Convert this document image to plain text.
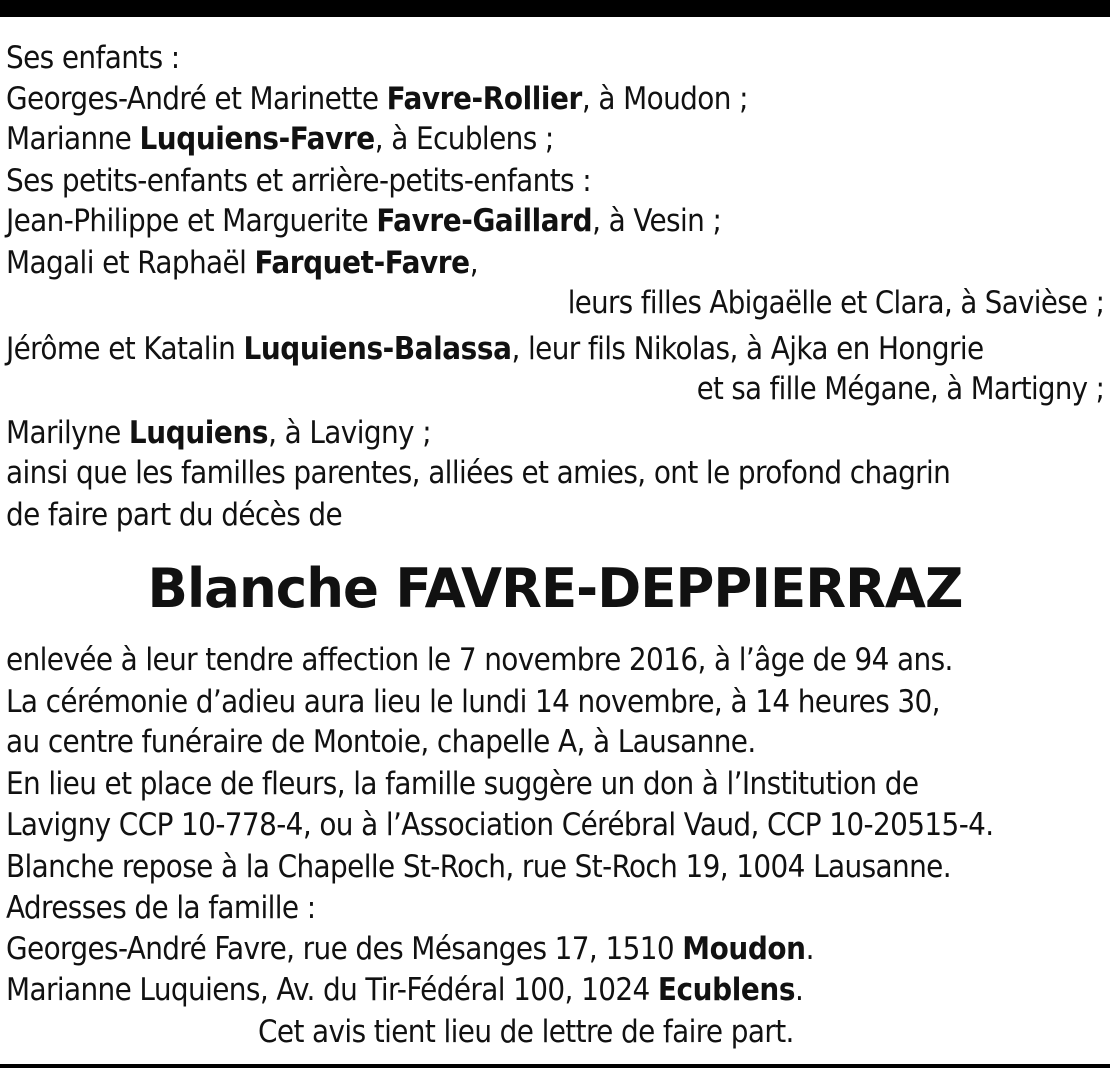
Ses enfants :
Georges-André et Marinette Favre-Rollier, à Moudon ;
Marianne Luquiens-Favre, à Ecublens ;
Ses petits-enfants et arrière-petits-enfants :
Jean-Philippe et Marguerite Favre-Gaillard, à Vesin ;
Magali et Raphaël Farquet-Favre,
leurs filles Abigaëlle et Clara, à Savièse ;
Jérôme et Katalin Luquiens-Balassa, leur fils Nikolas, à Ajka en Hongrie
et sa fille Mégane, à Martigny ;
Marilyne Luquiens, à Lavigny ;
ainsi que les familles parentes, alliées et amies, ont le profond chagrin
de faire part du décès de
Blanche FAVRE-DEPPIERRAZ
enlevée à leur tendre affection le 7 novembre 2016, à l’âge de 94 ans.
La cérémonie d’adieu aura lieu le lundi 14 novembre, à 14 heures 30,
au centre funéraire de Montoie, chapelle A, à Lausanne.
En lieu et place de fleurs, la famille suggère un don à l’Institution de
Lavigny CCP 10-778-4, ou à l’Association Cérébral Vaud, CCP 10-20515-4.
Blanche repose à la Chapelle St-Roch, rue St-Roch 19, 1004 Lausanne.
Adresses de la famille :
Georges-André Favre, rue des Mésanges 17, 1510 Moudon.
Marianne Luquiens, Av. du Tir-Fédéral 100, 1024 Ecublens.
Cet avis tient lieu de lettre de faire part.
